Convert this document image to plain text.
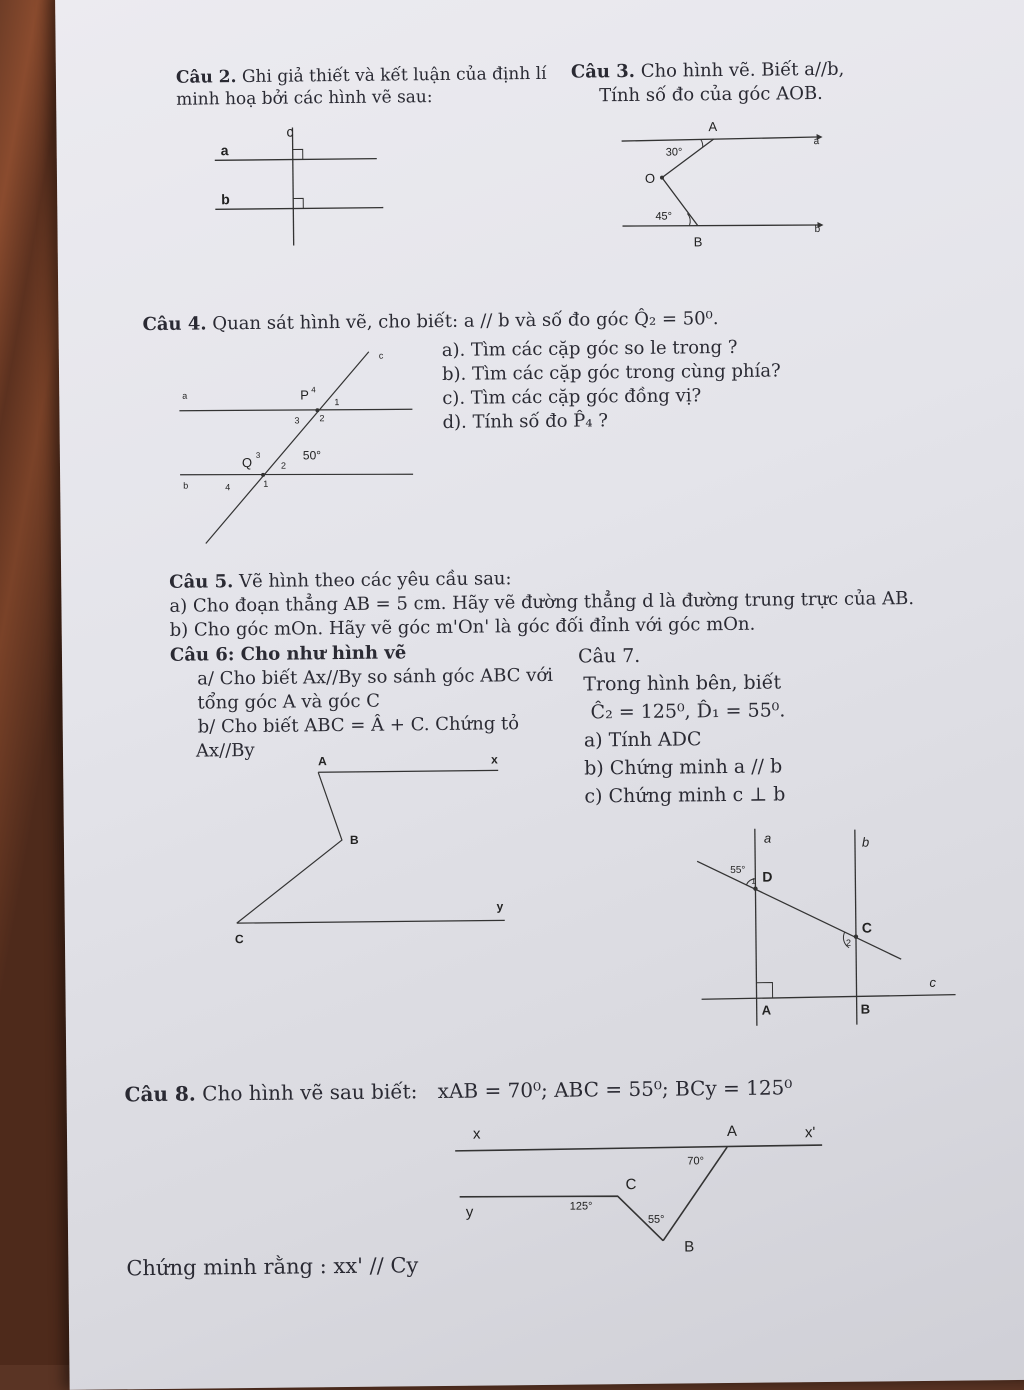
Câu 2. Ghi giả thiết và kết luận của định lí
minh hoạ bởi các hình vẽ sau:
c
a
b
Câu 3. Cho hình vẽ. Biết a//b,
Tính số đo của góc AOB.
A
a
30°
O
45°
b
B
Câu 4. Quan sát hình vẽ, cho biết: a // b và số đo góc Q̂₂ = 50⁰.
a). Tìm các cặp góc so le trong ?
b). Tìm các cặp góc trong cùng phía?
c). Tìm các cặp góc đồng vị?
d). Tính số đo P̂₄ ?
c
a
b
P 4
1
3 2
Q 3
2
50°
4	1
Câu 5. Vẽ hình theo các yêu cầu sau:
a) Cho đoạn thẳng AB = 5 cm. Hãy vẽ đường thẳng d là đường trung trực của AB.
b) Cho góc mOn. Hãy vẽ góc m'On' là góc đối đỉnh với góc mOn.
Câu 6: Cho như hình vẽ
a/ Cho biết Ax//By so sánh góc ABC với
tổng góc A và góc C
b/ Cho biết ABC = Â + C. Chứng tỏ
Ax//By	A	x
B
y
C
Câu 7.
Trong hình bên, biết
Ĉ₂ = 125⁰, D̂₁ = 55⁰.
a) Tính ADC
b) Chứng minh a // b
c) Chứng minh c ⊥ b
a	b
55°
1 D
C
2
c
A	B
Câu 8. Cho hình vẽ sau biết: xAB = 70⁰; ABC = 55⁰; BCy = 125⁰
x	A	x'
70°
C
y	125°
55°
B
Chứng minh rằng : xx' // Cy
